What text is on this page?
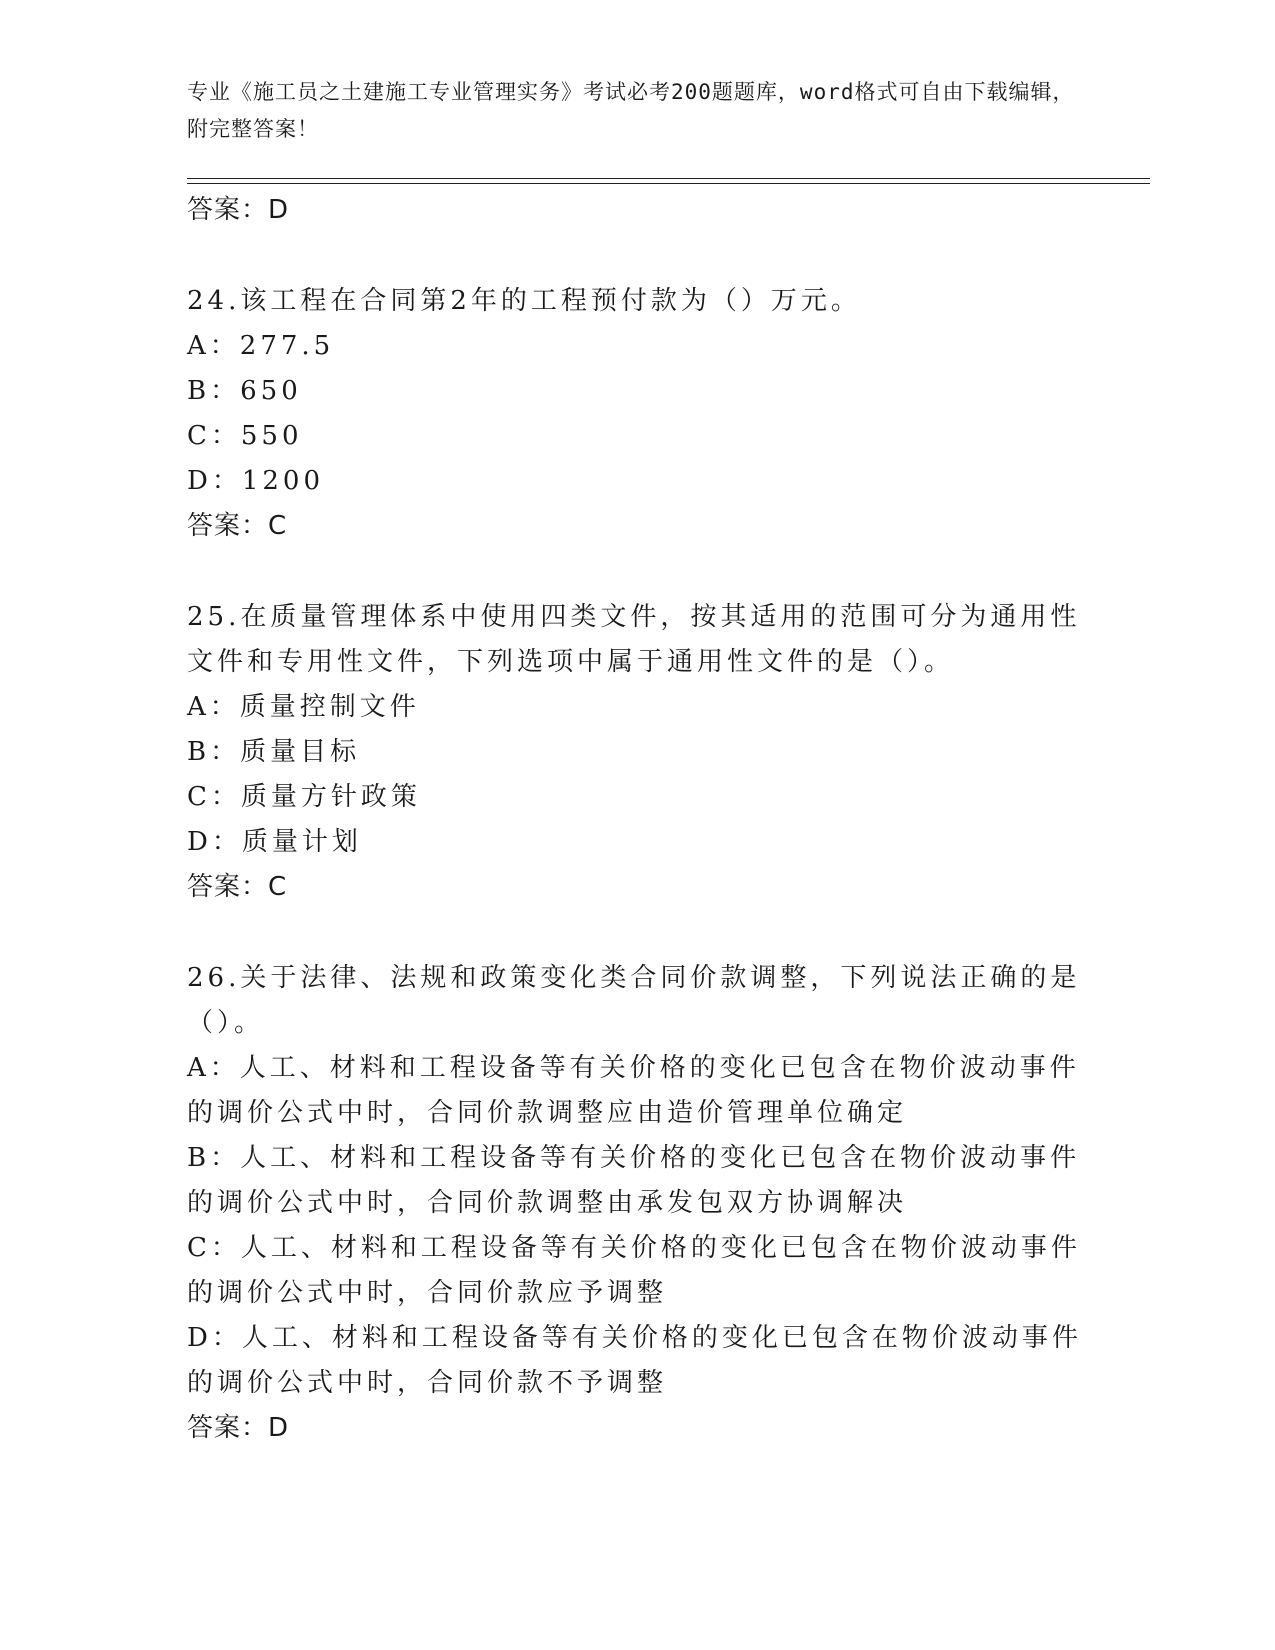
专业《施工员之土建施工专业管理实务》考试必考200题题库，word格式可自由下载编辑，附完整答案！
答案：D

24.该工程在合同第2年的工程预付款为（）万元。

A：277.5

B：650

C：550

D：1200

答案：C

25.在质量管理体系中使用四类文件，按其适用的范围可分为通用性文件和专用性文件，下列选项中属于通用性文件的是（）。

A：质量控制文件

B：质量目标

C：质量方针政策

D：质量计划

答案：C

26.关于法律、法规和政策变化类合同价款调整，下列说法正确的是（）。

A：人工、材料和工程设备等有关价格的变化已包含在物价波动事件的调价公式中时，合同价款调整应由造价管理单位确定

B：人工、材料和工程设备等有关价格的变化已包含在物价波动事件的调价公式中时，合同价款调整由承发包双方协调解决

C：人工、材料和工程设备等有关价格的变化已包含在物价波动事件的调价公式中时，合同价款应予调整

D：人工、材料和工程设备等有关价格的变化已包含在物价波动事件的调价公式中时，合同价款不予调整

答案：D
